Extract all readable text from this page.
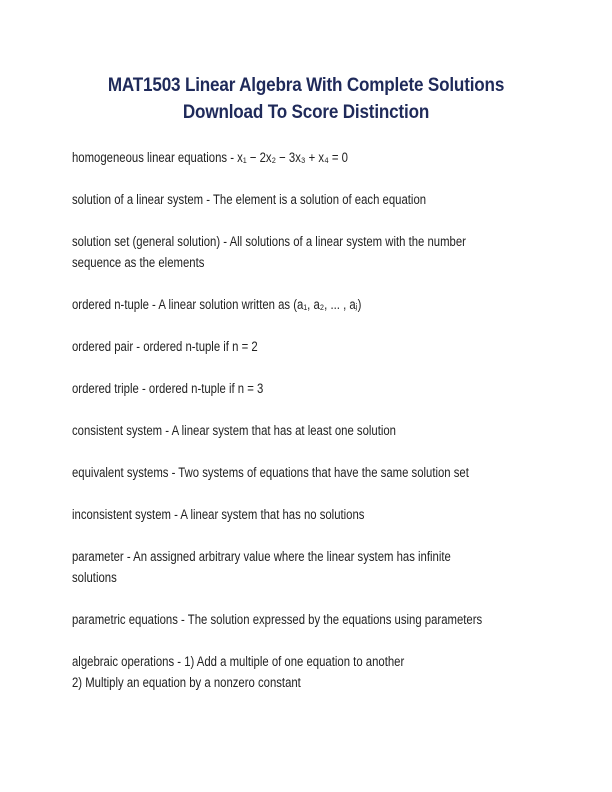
MAT1503 Linear Algebra With Complete Solutions
Download To Score Distinction

homogeneous linear equations - x₁ − 2x₂ − 3x₃ + x₄ = 0

solution of a linear system - The element is a solution of each equation

solution set (general solution) - All solutions of a linear system with the number
sequence as the elements

ordered n-tuple - A linear solution written as (a₁, a₂, ... , aⱼ)

ordered pair - ordered n-tuple if n = 2

ordered triple - ordered n-tuple if n = 3

consistent system - A linear system that has at least one solution

equivalent systems - Two systems of equations that have the same solution set

inconsistent system - A linear system that has no solutions

parameter - An assigned arbitrary value where the linear system has infinite
solutions

parametric equations - The solution expressed by the equations using parameters

algebraic operations - 1) Add a multiple of one equation to another
2) Multiply an equation by a nonzero constant
